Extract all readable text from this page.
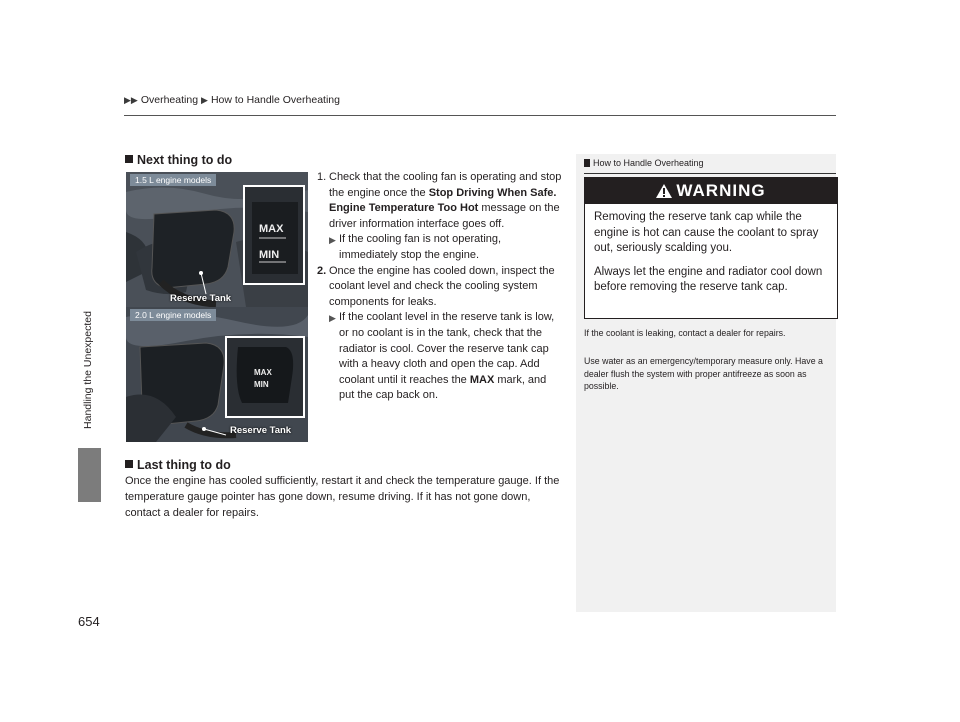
▶▶ Overheating ▶ How to Handle Overheating
Handling the Unexpected
654
Next thing to do
MAX
MIN
1.5 L engine models
Reserve Tank
MAX
MIN
2.0 L engine models
Reserve Tank
1. Check that the cooling fan is operating and stop the engine once the Stop Driving When Safe. Engine Temperature Too Hot message on the driver information interface goes off.
▶ If the cooling fan is not operating, immediately stop the engine.
2. Once the engine has cooled down, inspect the coolant level and check the cooling system components for leaks.
▶ If the coolant level in the reserve tank is low, or no coolant is in the tank, check that the radiator is cool. Cover the reserve tank cap with a heavy cloth and open the cap. Add coolant until it reaches the MAX mark, and put the cap back on.
Last thing to do
Once the engine has cooled sufficiently, restart it and check the temperature gauge. If the temperature gauge pointer has gone down, resume driving. If it has not gone down, contact a dealer for repairs.
How to Handle Overheating
WARNING

Removing the reserve tank cap while the engine is hot can cause the coolant to spray out, seriously scalding you.

Always let the engine and radiator cool down before removing the reserve tank cap.

If the coolant is leaking, contact a dealer for repairs.
Use water as an emergency/temporary measure only. Have a dealer flush the system with proper antifreeze as soon as possible.
